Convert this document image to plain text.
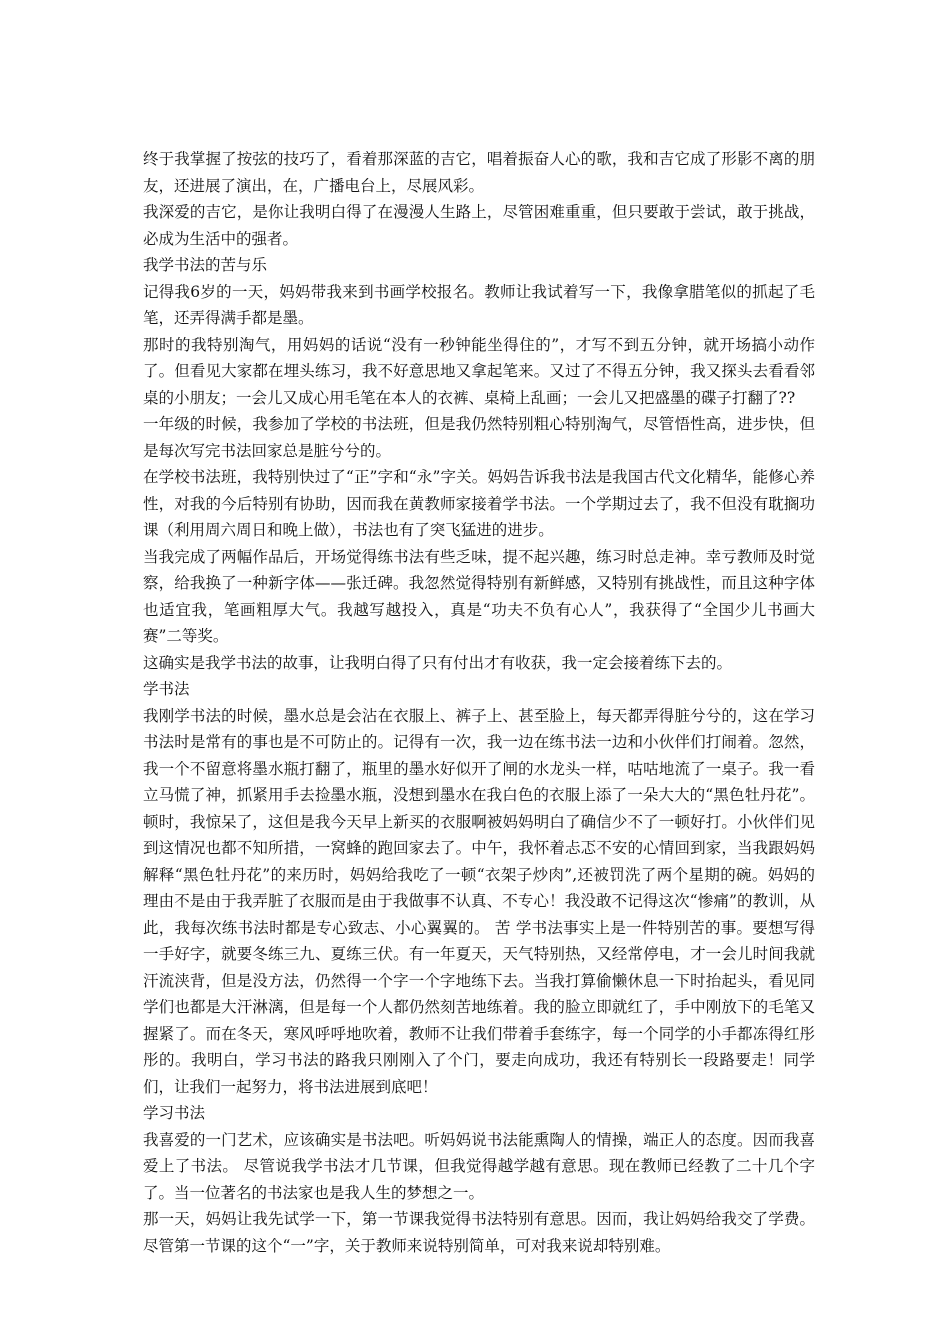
终于我掌握了按弦的技巧了，看着那深蓝的吉它，唱着振奋人心的歌，我和吉它成了形影不离的朋友，还进展了演出，在，广播电台上，尽展风彩。

我深爱的吉它，是你让我明白得了在漫漫人生路上，尽管困难重重，但只要敢于尝试，敢于挑战，必成为生活中的强者。

我学书法的苦与乐

记得我6岁的一天，妈妈带我来到书画学校报名。教师让我试着写一下，我像拿腊笔似的抓起了毛笔，还弄得满手都是墨。

那时的我特别淘气，用妈妈的话说“没有一秒钟能坐得住的”，才写不到五分钟，就开场搞小动作了。但看见大家都在埋头练习，我不好意思地又拿起笔来。又过了不得五分钟，我又探头去看看邻桌的小朋友；一会儿又成心用毛笔在本人的衣裤、桌椅上乱画；一会儿又把盛墨的碟子打翻了??

一年级的时候，我参加了学校的书法班，但是我仍然特别粗心特别淘气，尽管悟性高，进步快，但是每次写完书法回家总是脏兮兮的。

在学校书法班，我特别快过了“正”字和“永”字关。妈妈告诉我书法是我国古代文化精华，能修心养性，对我的今后特别有协助，因而我在黄教师家接着学书法。一个学期过去了，我不但没有耽搁功课（利用周六周日和晚上做），书法也有了突飞猛进的进步。

当我完成了两幅作品后，开场觉得练书法有些乏味，提不起兴趣，练习时总走神。幸亏教师及时觉察，给我换了一种新字体——张迁碑。我忽然觉得特别有新鲜感，又特别有挑战性，而且这种字体也适宜我，笔画粗厚大气。我越写越投入，真是“功夫不负有心人”，我获得了“全国少儿书画大赛”二等奖。

这确实是我学书法的故事，让我明白得了只有付出才有收获，我一定会接着练下去的。

学书法

我刚学书法的时候，墨水总是会沾在衣服上、裤子上、甚至脸上，每天都弄得脏兮兮的，这在学习书法时是常有的事也是不可防止的。记得有一次，我一边在练书法一边和小伙伴们打闹着。忽然，我一个不留意将墨水瓶打翻了，瓶里的墨水好似开了闸的水龙头一样，咕咕地流了一桌子。我一看立马慌了神，抓紧用手去捡墨水瓶，没想到墨水在我白色的衣服上添了一朵大大的“黑色牡丹花”。顿时，我惊呆了，这但是我今天早上新买的衣服啊被妈妈明白了确信少不了一顿好打。小伙伴们见到这情况也都不知所措，一窝蜂的跑回家去了。中午，我怀着忐忑不安的心情回到家，当我跟妈妈解释“黑色牡丹花”的来历时，妈妈给我吃了一顿“衣架子炒肉”,还被罚洗了两个星期的碗。妈妈的理由不是由于我弄脏了衣服而是由于我做事不认真、不专心！我没敢不记得这次“惨痛”的教训，从此，我每次练书法时都是专心致志、小心翼翼的。 苦 学书法事实上是一件特别苦的事。要想写得一手好字，就要冬练三九、夏练三伏。有一年夏天，天气特别热，又经常停电，才一会儿时间我就汗流浃背，但是没方法，仍然得一个字一个字地练下去。当我打算偷懒休息一下时抬起头，看见同学们也都是大汗淋漓，但是每一个人都仍然刻苦地练着。我的脸立即就红了，手中刚放下的毛笔又握紧了。而在冬天，寒风呼呼地吹着，教师不让我们带着手套练字，每一个同学的小手都冻得红彤彤的。我明白，学习书法的路我只刚刚入了个门，要走向成功，我还有特别长一段路要走！同学们，让我们一起努力，将书法进展到底吧！

学习书法

我喜爱的一门艺术，应该确实是书法吧。听妈妈说书法能熏陶人的情操，端正人的态度。因而我喜爱上了书法。 尽管说我学书法才几节课，但我觉得越学越有意思。现在教师已经教了二十几个字了。当一位著名的书法家也是我人生的梦想之一。

那一天，妈妈让我先试学一下，第一节课我觉得书法特别有意思。因而，我让妈妈给我交了学费。尽管第一节课的这个“一”字，关于教师来说特别简单，可对我来说却特别难。
